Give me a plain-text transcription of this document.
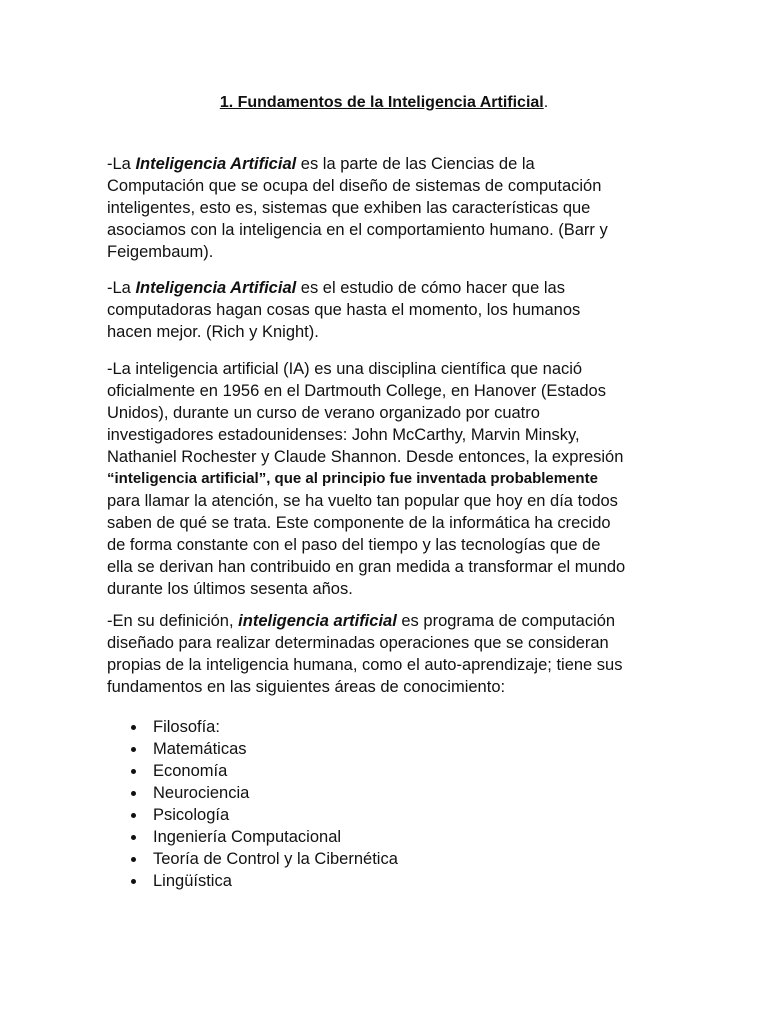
1. Fundamentos de la Inteligencia Artificial.

-La Inteligencia Artificial es la parte de las Ciencias de la
Computación que se ocupa del diseño de sistemas de computación
inteligentes, esto es, sistemas que exhiben las características que
asociamos con la inteligencia en el comportamiento humano. (Barr y
Feigembaum).

-La Inteligencia Artificial es el estudio de cómo hacer que las
computadoras hagan cosas que hasta el momento, los humanos
hacen mejor. (Rich y Knight).

-La inteligencia artificial (IA) es una disciplina científica que nació
oficialmente en 1956 en el Dartmouth College, en Hanover (Estados
Unidos), durante un curso de verano organizado por cuatro
investigadores estadounidenses: John McCarthy, Marvin Minsky,
Nathaniel Rochester y Claude Shannon. Desde entonces, la expresión
“inteligencia artificial”, que al principio fue inventada probablemente
para llamar la atención, se ha vuelto tan popular que hoy en día todos
saben de qué se trata. Este componente de la informática ha crecido
de forma constante con el paso del tiempo y las tecnologías que de
ella se derivan han contribuido en gran medida a transformar el mundo
durante los últimos sesenta años.

-En su definición, inteligencia artificial es programa de computación
diseñado para realizar determinadas operaciones que se consideran
propias de la inteligencia humana, como el auto-aprendizaje; tiene sus
fundamentos en las siguientes áreas de conocimiento:

Filosofía:
Matemáticas
Economía
Neurociencia
Psicología
Ingeniería Computacional
Teoría de Control y la Cibernética
Lingüística
